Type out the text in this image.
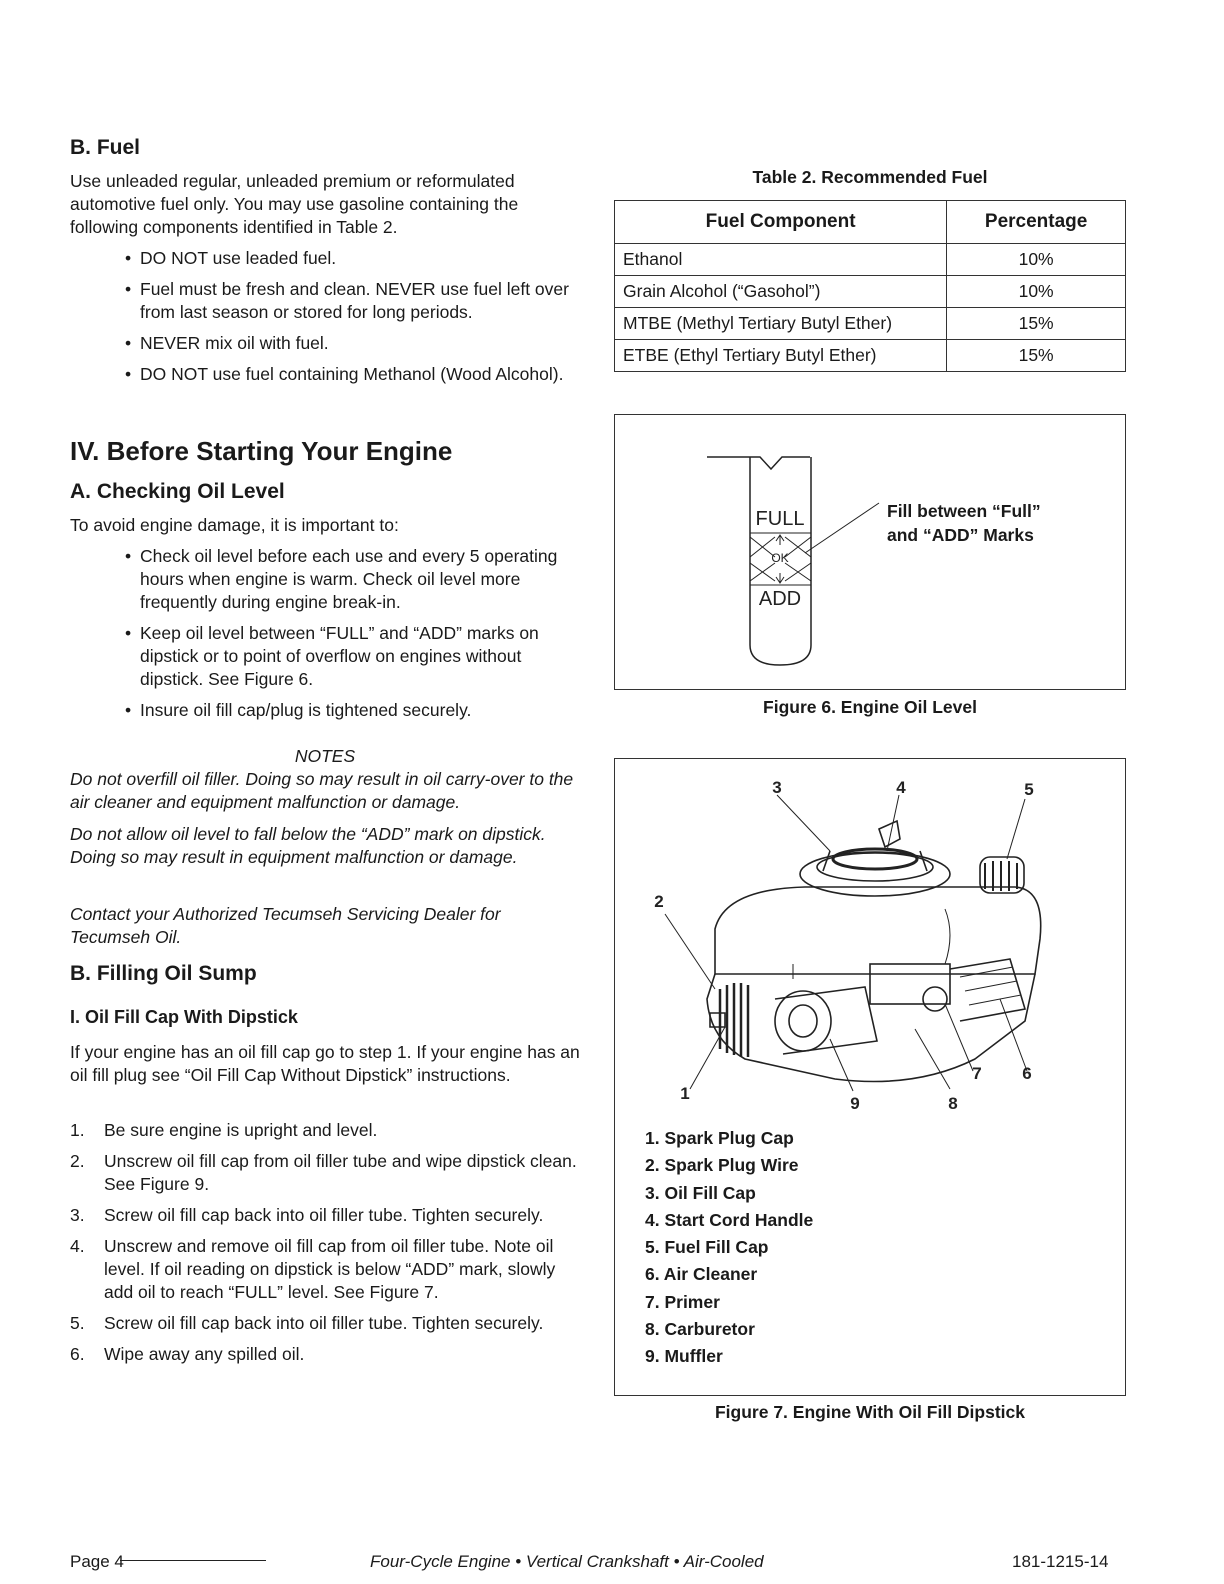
B. Fuel
Use unleaded regular, unleaded premium or reformulated automotive fuel only. You may use gasoline containing the following components identified in Table 2.
• DO NOT use leaded fuel.
• Fuel must be fresh and clean. NEVER use fuel left over from last season or stored for long periods.
• NEVER mix oil with fuel.
• DO NOT use fuel containing Methanol (Wood Alcohol).
IV. Before Starting Your Engine
A. Checking Oil Level
To avoid engine damage, it is important to:
• Check oil level before each use and every 5 operating hours when engine is warm. Check oil level more frequently during engine break-in.
• Keep oil level between “FULL” and “ADD” marks on dipstick or to point of overflow on engines without dipstick. See Figure 6.
• Insure oil fill cap/plug is tightened securely.
NOTES
Do not overfill oil filler. Doing so may result in oil carry-over to the air cleaner and equipment malfunction or damage.
Do not allow oil level to fall below the “ADD” mark on dipstick. Doing so may result in equipment malfunction or damage.
Contact your Authorized Tecumseh Servicing Dealer for Tecumseh Oil.
B. Filling Oil Sump
I. Oil Fill Cap With Dipstick
If your engine has an oil fill cap go to step 1. If your engine has an oil fill plug see “Oil Fill Cap Without Dipstick” instructions.
1. Be sure engine is upright and level.
2. Unscrew oil fill cap from oil filler tube and wipe dipstick clean. See Figure 9.
3. Screw oil fill cap back into oil filler tube. Tighten securely.
4. Unscrew and remove oil fill cap from oil filler tube. Note oil level. If oil reading on dipstick is below “ADD” mark, slowly add oil to reach “FULL” level. See Figure 7.
5. Screw oil fill cap back into oil filler tube. Tighten securely.
6. Wipe away any spilled oil.
Table 2. Recommended Fuel
Fuel Component	Percentage
Ethanol	10%
Grain Alcohol (“Gasohol”)	10%
MTBE (Methyl Tertiary Butyl Ether)	15%
ETBE (Ethyl Tertiary Butyl Ether)	15%
FULL
OK
ADD
Fill between “Full”
and “ADD” Marks
Figure 6. Engine Oil Level
1
2
3	4	5
6
7
8
9
1. Spark Plug Cap
2. Spark Plug Wire
3. Oil Fill Cap
4. Start Cord Handle
5. Fuel Fill Cap
6. Air Cleaner
7. Primer
8. Carburetor
9. Muffler
Figure 7. Engine With Oil Fill Dipstick
Page 4	Four-Cycle Engine • Vertical Crankshaft • Air-Cooled	181-1215-14
